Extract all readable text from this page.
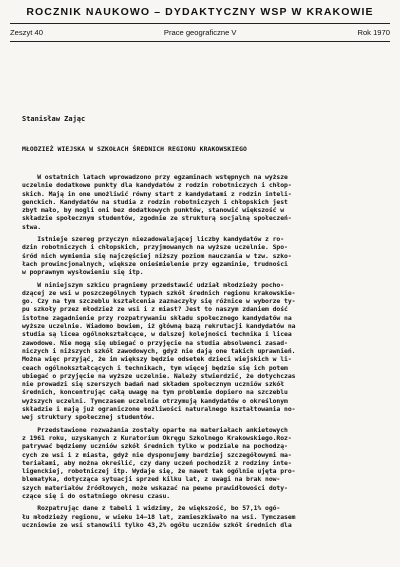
ROCZNIK NAUKOWO – DYDAKTYCZNY WSP W KRAKOWIE
Zeszyt 40	Prace geograficzne V	Rok 1970
Stanisław Zając
MŁODZIEŻ WIEJSKA W SZKOŁACH ŚREDNICH REGIONU KRAKOWSKIEGO
W ostatnich latach wprowadzono przy egzaminach wstępnych na wyższe
uczelnie dodatkowe punkty dla kandydatów z rodzin robotniczych i chłop-
skich. Mają in one umożliwić równy start z kandydatami z rodzin inteli-
genckich. Kandydatów na studia z rodzin robotniczych i chłopskich jest
zbyt mało, by mogli oni bez dodatkowych punktów, stanowić większość w
składzie społecznym studentów, zgodnie ze strukturą socjalną społeczeń-
stwa.
Istnieje szereg przyczyn niezadowalającej liczby kandydatów z ro-
dzin robotniczych i chłopskich, przyjmowanych na wyższe uczelnie. Spo-
śród nich wymienia się najczęściej niższy poziom nauczania w tzw. szko-
łach prowincjonalnych, większe onieśmielenie przy egzaminie, trudności
w poprawnym wysłowieniu się itp.
W niniejszym szkicu pragniemy przedstawić udział młodzieży pocho-
dzącej ze wsi w poszczególnych typach szkół średnich regionu krakowskie-
go. Czy na tym szczeblu kształcenia zaznaczyły się różnice w wyborze ty-
pu szkoły przez młodzież ze wsi i z miast? Jest to naszym zdaniem dość
istotne zagadnienie przy rozpatrywaniu składu społecznego kandydatów na
wyższe uczelnie. Wiadomo bowiem, iż główną bazą rekrutacji kandydatów na
studia są licea ogólnokształcące, w dalszej kolejności technika i licea
zawodowe. Nie mogą się ubiegać o przyjęcie na studia absolwenci zasad-
niczych i niższych szkół zawodowych, gdyż nie dają one takich uprawnień.
Można więc przyjąć, że im większy będzie odsetek dzieci wiejskich w li-
ceach ogólnokształcących i technikach, tym więcej będzie się ich potem
ubiegać o przyjęcie na wyższe uczelnie. Należy stwierdzić, że dotychczas
nie prowadzi się szerszych badań nad składem społecznym uczniów szkół
średnich, koncentrując całą uwagę na tym problemie dopiero na szczeblu
wyższych uczelni. Tymczasem uczelnie otrzymują kandydatów o określonym
składzie i mają już ograniczone możliwości naturalnego kształtowania no-
wej struktury społecznej studentów.
Przedstawione rozważania zostały oparte na materiałach ankietowych
z 1961 roku, uzyskanych z Kuratorium Okręgu Szkolnego Krakowskiego.Roz-
patrywać będziemy uczniów szkół średnich tylko w podziale na pochodzą-
cych ze wsi i z miasta, gdyż nie dysponujemy bardziej szczegółowymi ma-
teriałami, aby można określić, czy dany uczeń pochodził z rodziny inte-
ligenckiej, robotniczej itp. Wydaje się, że nawet tak ogólnie ujęta pro-
blematyka, dotycząca sytuacji sprzed kilku lat, z uwagi na brak now-
szych materiałów źródłowych, może wskazać na pewne prawidłowości doty-
czące się i do ostatniego okresu czasu.
Rozpatrując dane z tabeli 1 widzimy, że większość, bo 57,1% ogó-
łu młodzieży regionu, w wieku 14–18 lat, zamieszkiwało na wsi. Tymczasem
uczniowie ze wsi stanowili tylko 43,2% ogółu uczniów szkół średnich dla
